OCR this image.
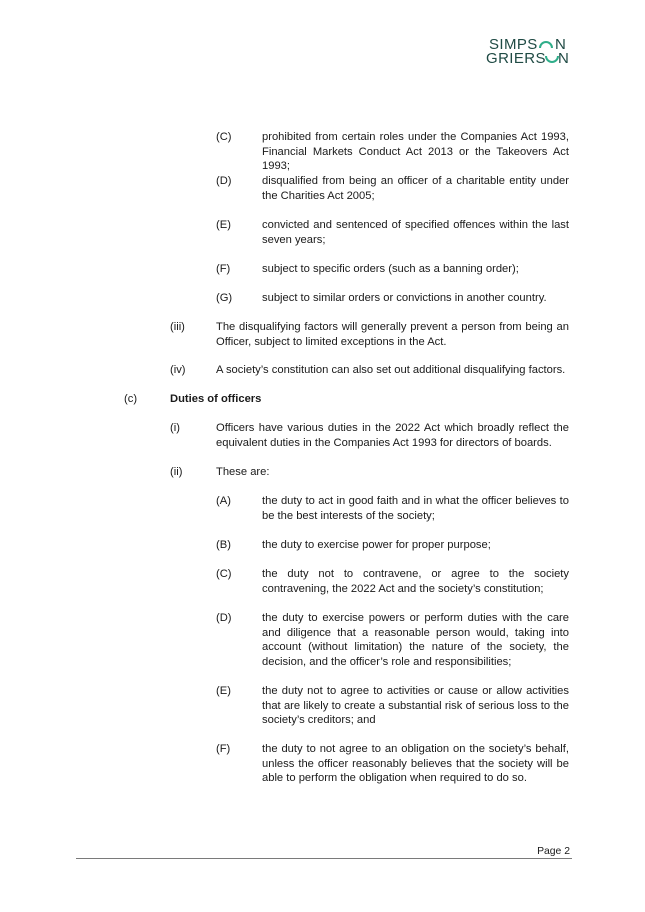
SIMPS N
GRIERS N
(C)	prohibited from certain roles under the Companies Act 1993, Financial Markets Conduct Act 2013 or the Takeovers Act 1993;
(D)	disqualified from being an officer of a charitable entity under the Charities Act 2005;
(E)	convicted and sentenced of specified offences within the last seven years;
(F)	subject to specific orders (such as a banning order);
(G)	subject to similar orders or convictions in another country.
(iii)	The disqualifying factors will generally prevent a person from being an Officer, subject to limited exceptions in the Act.
(iv)	A society’s constitution can also set out additional disqualifying factors.
(c)	Duties of officers
(i)	Officers have various duties in the 2022 Act which broadly reflect the equivalent duties in the Companies Act 1993 for directors of boards.
(ii)	These are:
(A)	the duty to act in good faith and in what the officer believes to be the best interests of the society;
(B)	the duty to exercise power for proper purpose;
(C)	the duty not to contravene, or agree to the society contravening, the 2022 Act and the society’s constitution;
(D)	the duty to exercise powers or perform duties with the care and diligence that a reasonable person would, taking into account (without limitation) the nature of the society, the decision, and the officer’s role and responsibilities;
(E)	the duty not to agree to activities or cause or allow activities that are likely to create a substantial risk of serious loss to the society’s creditors; and
(F)	the duty to not agree to an obligation on the society’s behalf, unless the officer reasonably believes that the society will be able to perform the obligation when required to do so.
Page 2
